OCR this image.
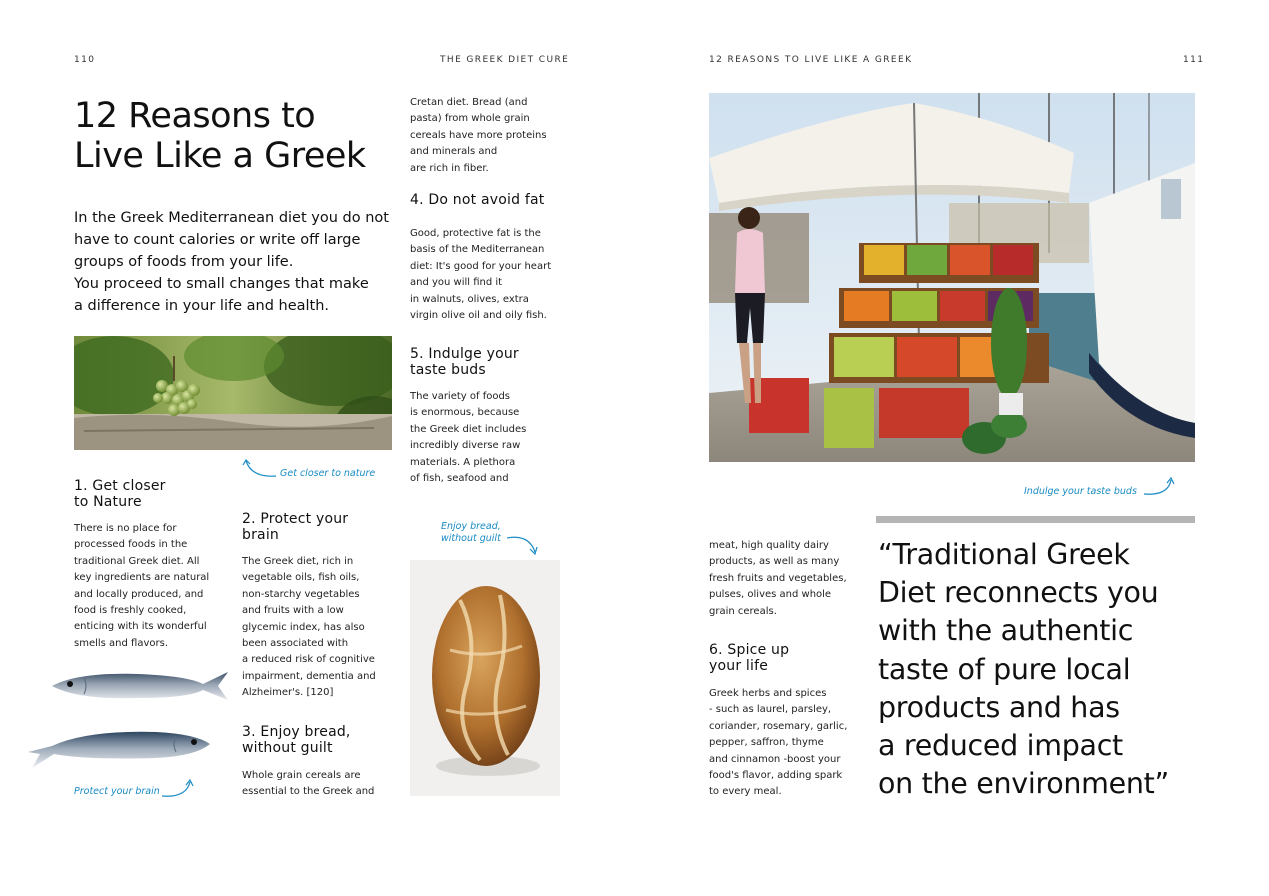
110	THE GREEK DIET CURE
12 Reasons to
Live Like a Greek

In the Greek Mediterranean diet you do not

have to count calories or write off large

groups of foods from your life.

You proceed to small changes that make

a difference in your life and health.

Get closer to nature
1. Get closer
to Nature

There is no place for

processed foods in the

traditional Greek diet. All

key ingredients are natural

and locally produced, and

food is freshly cooked,

enticing with its wonderful

smells and flavors.

Protect your brain
2. Protect your
brain

The Greek diet, rich in

vegetable oils, fish oils,

non-starchy vegetables

and fruits with a low

glycemic index, has also

been associated with

a reduced risk of cognitive

impairment, dementia and

Alzheimer's. [120]

3. Enjoy bread,
without guilt

Whole grain cereals are

essential to the Greek and

Cretan diet. Bread (and

pasta) from whole grain

cereals have more proteins

and minerals and

are rich in fiber.

4. Do not avoid fat

Good, protective fat is the

basis of the Mediterranean

diet: It's good for your heart

and you will find it

in walnuts, olives, extra

virgin olive oil and oily fish.

5. Indulge your
taste buds

The variety of foods

is enormous, because

the Greek diet includes

incredibly diverse raw

materials. A plethora

of fish, seafood and

Enjoy bread,
without guilt
12 REASONS TO LIVE LIKE A GREEK	111
Indulge your taste buds

meat, high quality dairy

products, as well as many

fresh fruits and vegetables,

pulses, olives and whole

grain cereals.

6. Spice up
your life

Greek herbs and spices

- such as laurel, parsley,

coriander, rosemary, garlic,

pepper, saffron, thyme

and cinnamon -boost your

food's flavor, adding spark

to every meal.

“Traditional Greek

Diet reconnects you

with the authentic

taste of pure local

products and has

a reduced impact

on the environment”
